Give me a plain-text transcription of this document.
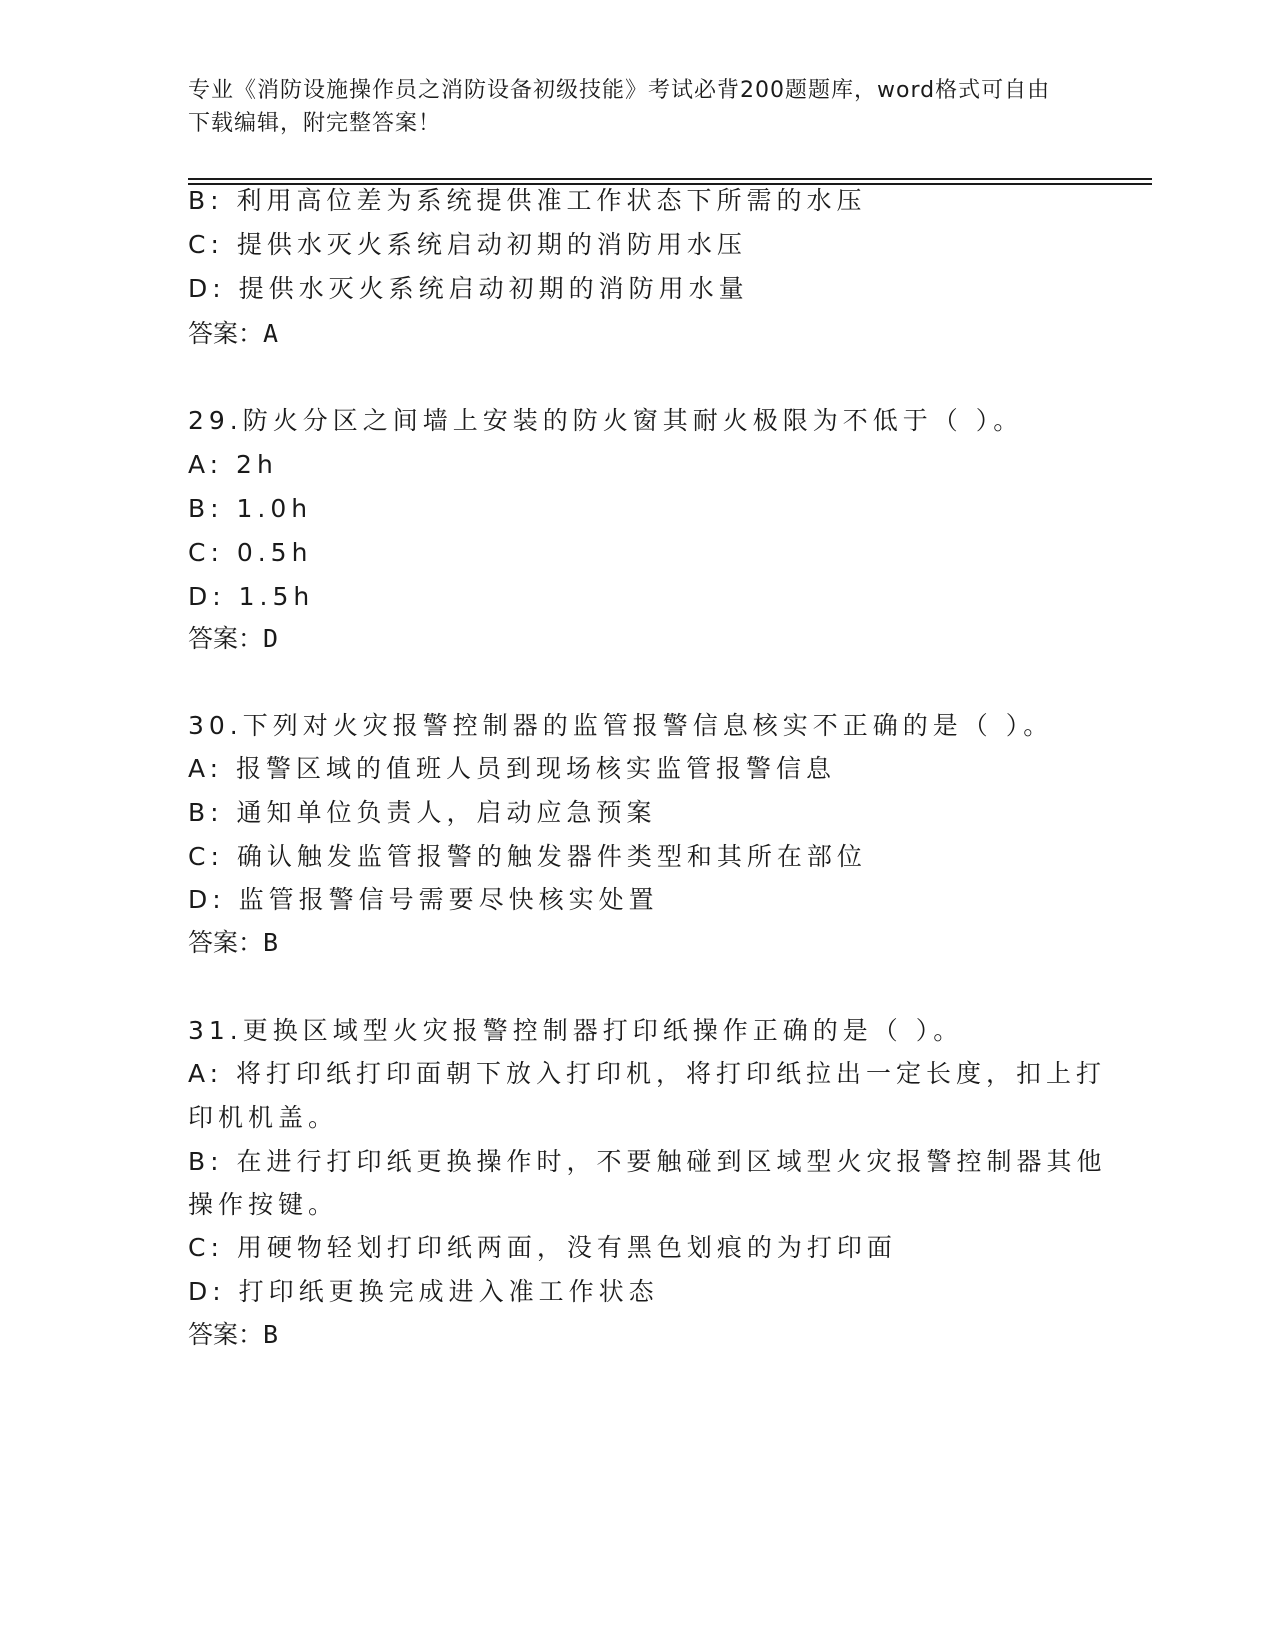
专业《消防设施操作员之消防设备初级技能》考试必背200题题库，word格式可自由下载编辑，附完整答案！
B: 利用高位差为系统提供准工作状态下所需的水压
C: 提供水灭火系统启动初期的消防用水压
D: 提供水灭火系统启动初期的消防用水量
答案：A
29.防火分区之间墙上安装的防火窗其耐火极限为不低于（ ）。
A: 2h
B: 1.0h
C: 0.5h
D: 1.5h
答案：D
30.下列对火灾报警控制器的监管报警信息核实不正确的是（ ）。
A: 报警区域的值班人员到现场核实监管报警信息
B: 通知单位负责人，启动应急预案
C: 确认触发监管报警的触发器件类型和其所在部位
D: 监管报警信号需要尽快核实处置
答案：B
31.更换区域型火灾报警控制器打印纸操作正确的是（ ）。
A: 将打印纸打印面朝下放入打印机，将打印纸拉出一定长度，扣上打
印机机盖。
B: 在进行打印纸更换操作时，不要触碰到区域型火灾报警控制器其他
操作按键。
C: 用硬物轻划打印纸两面，没有黑色划痕的为打印面
D: 打印纸更换完成进入准工作状态
答案：B
